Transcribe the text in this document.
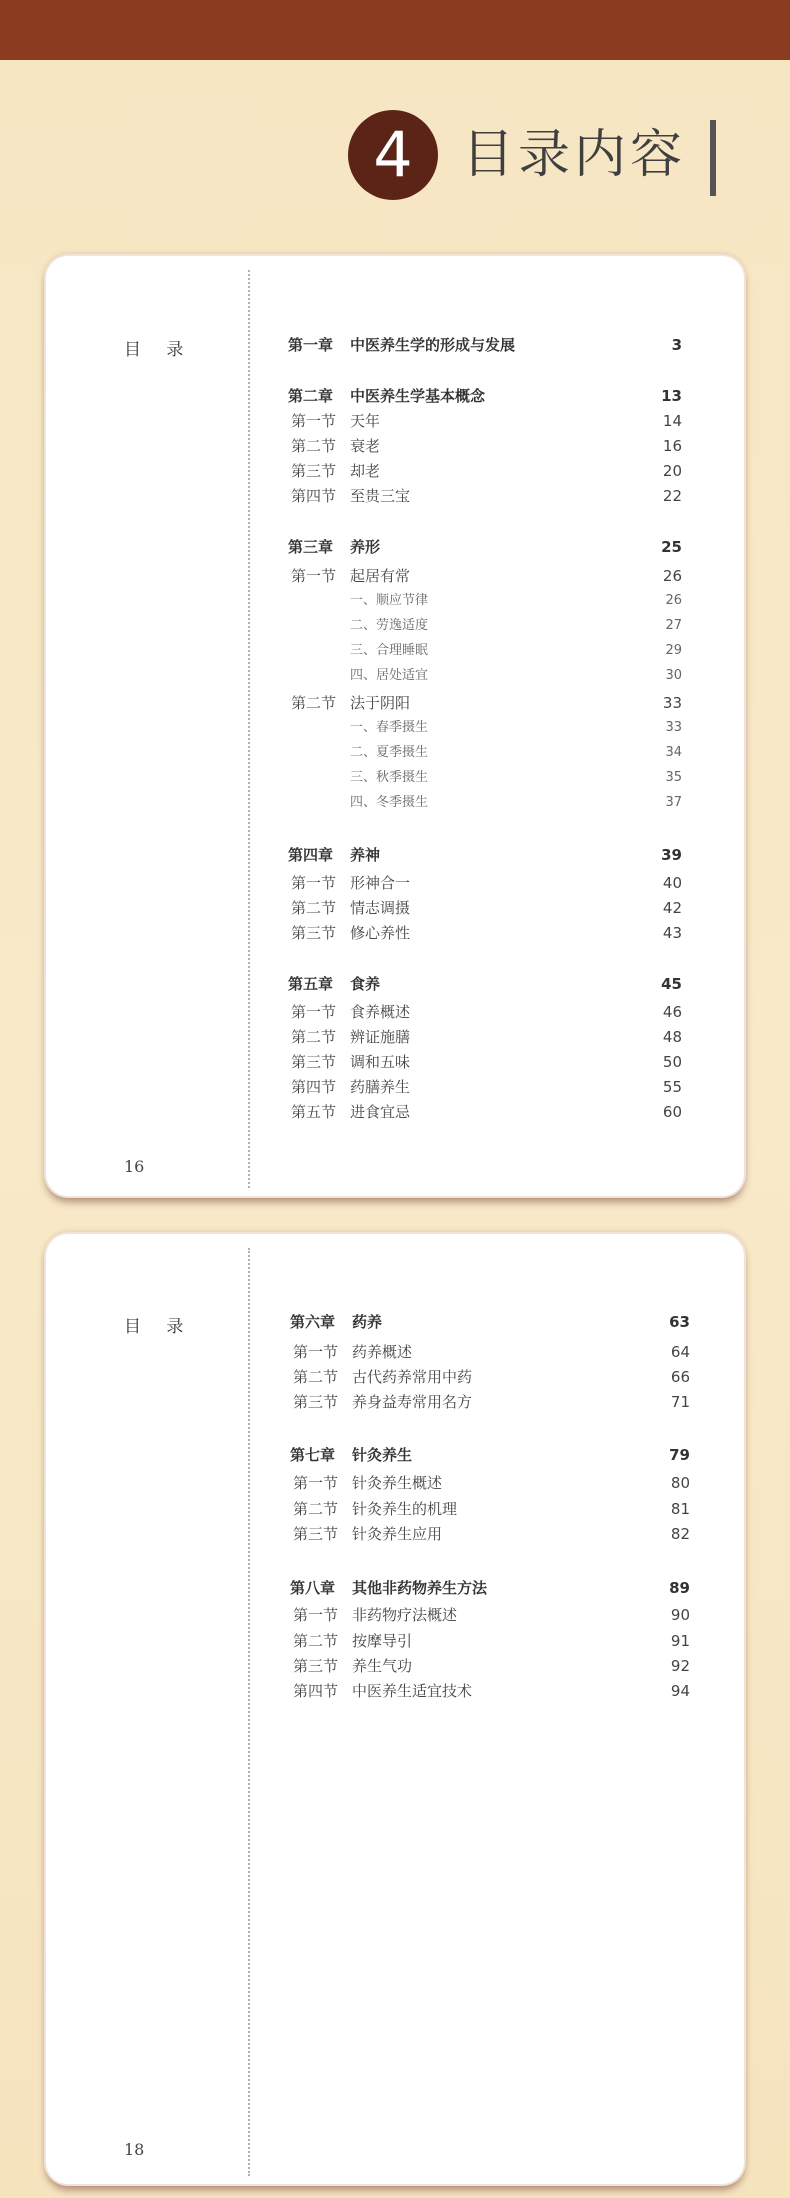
4 目录内容
目 录
16
第一章 中医养生学的形成与发展	3
第二章 中医养生学基本概念	13
第一节 天年	14
第二节 衰老	16
第三节 却老	20
第四节 至贵三宝	22
第三章 养形	25
第一节 起居有常	26
一、顺应节律	26
二、劳逸适度	27
三、合理睡眠	29
四、居处适宜	30
第二节 法于阴阳	33
一、春季摄生	33
二、夏季摄生	34
三、秋季摄生	35
四、冬季摄生	37
第四章 养神	39
第一节 形神合一	40
第二节 情志调摄	42
第三节 修心养性	43
第五章 食养	45
第一节 食养概述	46
第二节 辨证施膳	48
第三节 调和五味	50
第四节 药膳养生	55
第五节 进食宜忌	60
目 录
18
第六章 药养	63
第一节 药养概述	64
第二节 古代药养常用中药	66
第三节 养身益寿常用名方	71
第七章 针灸养生	79
第一节 针灸养生概述	80
第二节 针灸养生的机理	81
第三节 针灸养生应用	82
第八章 其他非药物养生方法	89
第一节 非药物疗法概述	90
第二节 按摩导引	91
第三节 养生气功	92
第四节 中医养生适宜技术	94
